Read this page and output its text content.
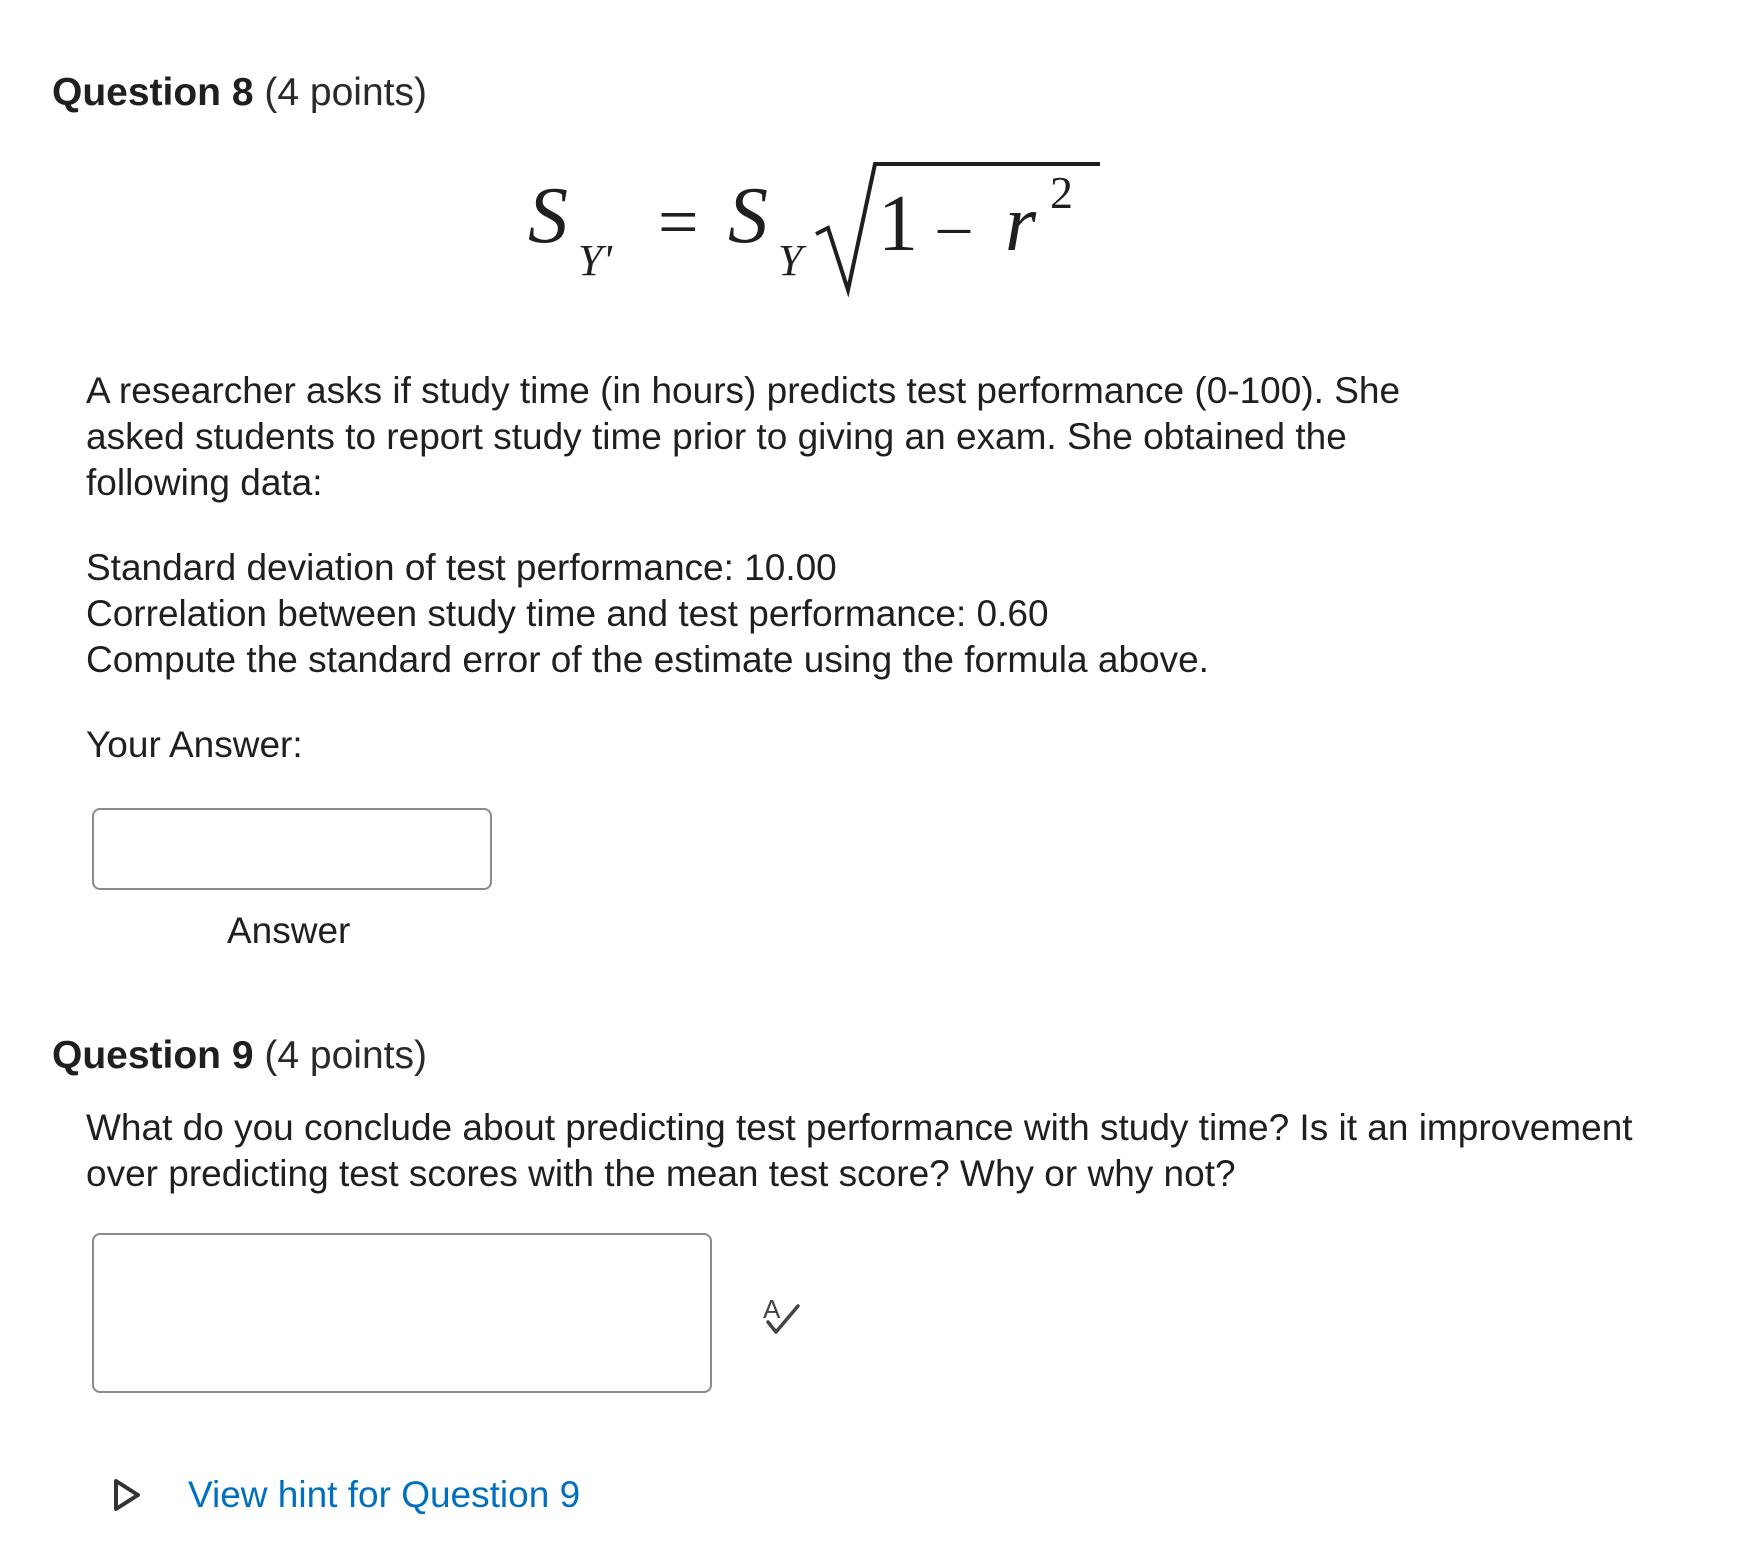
Question 8 (4 points)
S
Y' = S
Y 1 – r 2

A researcher asks if study time (in hours) predicts test performance (0-100). She asked students to report study time prior to giving an exam. She obtained the following data:

Standard deviation of test performance: 10.00

Correlation between study time and test performance: 0.60

Compute the standard error of the estimate using the formula above.

Your Answer:

Answer
Question 9 (4 points)

What do you conclude about predicting test performance with study time? Is it an improvement over predicting test scores with the mean test score? Why or why not?

A
View hint for Question 9
